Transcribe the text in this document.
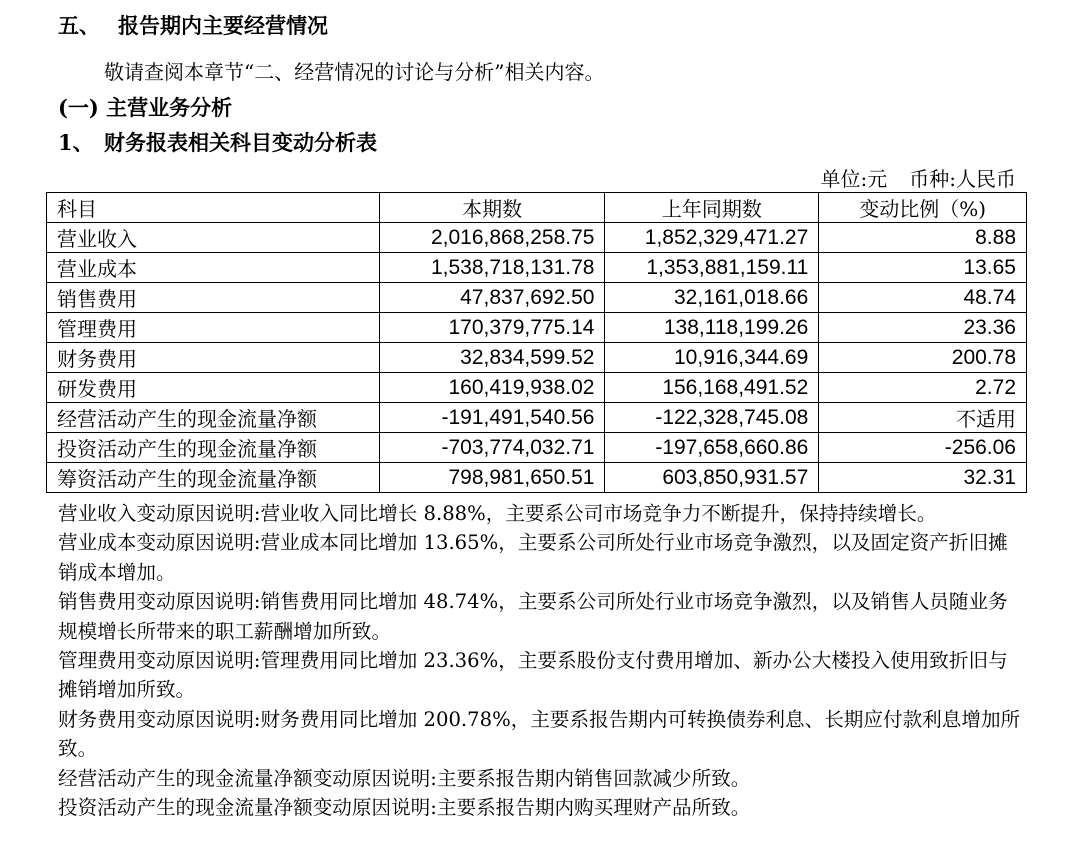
五、 报告期内主要经营情况
敬请查阅本章节“二、经营情况的讨论与分析”相关内容。
(一) 主营业务分析
1、 财务报表相关科目变动分析表
单位:元 币种:人民币
科目	本期数	上年同期数	变动比例（%)
营业收入	2,016,868,258.75	1,852,329,471.27	8.88
营业成本	1,538,718,131.78	1,353,881,159.11	13.65
销售费用	47,837,692.50	32,161,018.66	48.74
管理费用	170,379,775.14	138,118,199.26	23.36
财务费用	32,834,599.52	10,916,344.69	200.78
研发费用	160,419,938.02	156,168,491.52	2.72
经营活动产生的现金流量净额	-191,491,540.56	-122,328,745.08	不适用
投资活动产生的现金流量净额	-703,774,032.71	-197,658,660.86	-256.06
筹资活动产生的现金流量净额	798,981,650.51	603,850,931.57	32.31

营业收入变动原因说明:营业收入同比增长 8.88%，主要系公司市场竞争力不断提升，保持持续增长。

营业成本变动原因说明:营业成本同比增加 13.65%，主要系公司所处行业市场竞争激烈，以及固定资产折旧摊销成本增加。

销售费用变动原因说明:销售费用同比增加 48.74%，主要系公司所处行业市场竞争激烈，以及销售人员随业务规模增长所带来的职工薪酬增加所致。

管理费用变动原因说明:管理费用同比增加 23.36%，主要系股份支付费用增加、新办公大楼投入使用致折旧与摊销增加所致。

财务费用变动原因说明:财务费用同比增加 200.78%，主要系报告期内可转换债券利息、长期应付款利息增加所致。

经营活动产生的现金流量净额变动原因说明:主要系报告期内销售回款减少所致。

投资活动产生的现金流量净额变动原因说明:主要系报告期内购买理财产品所致。
